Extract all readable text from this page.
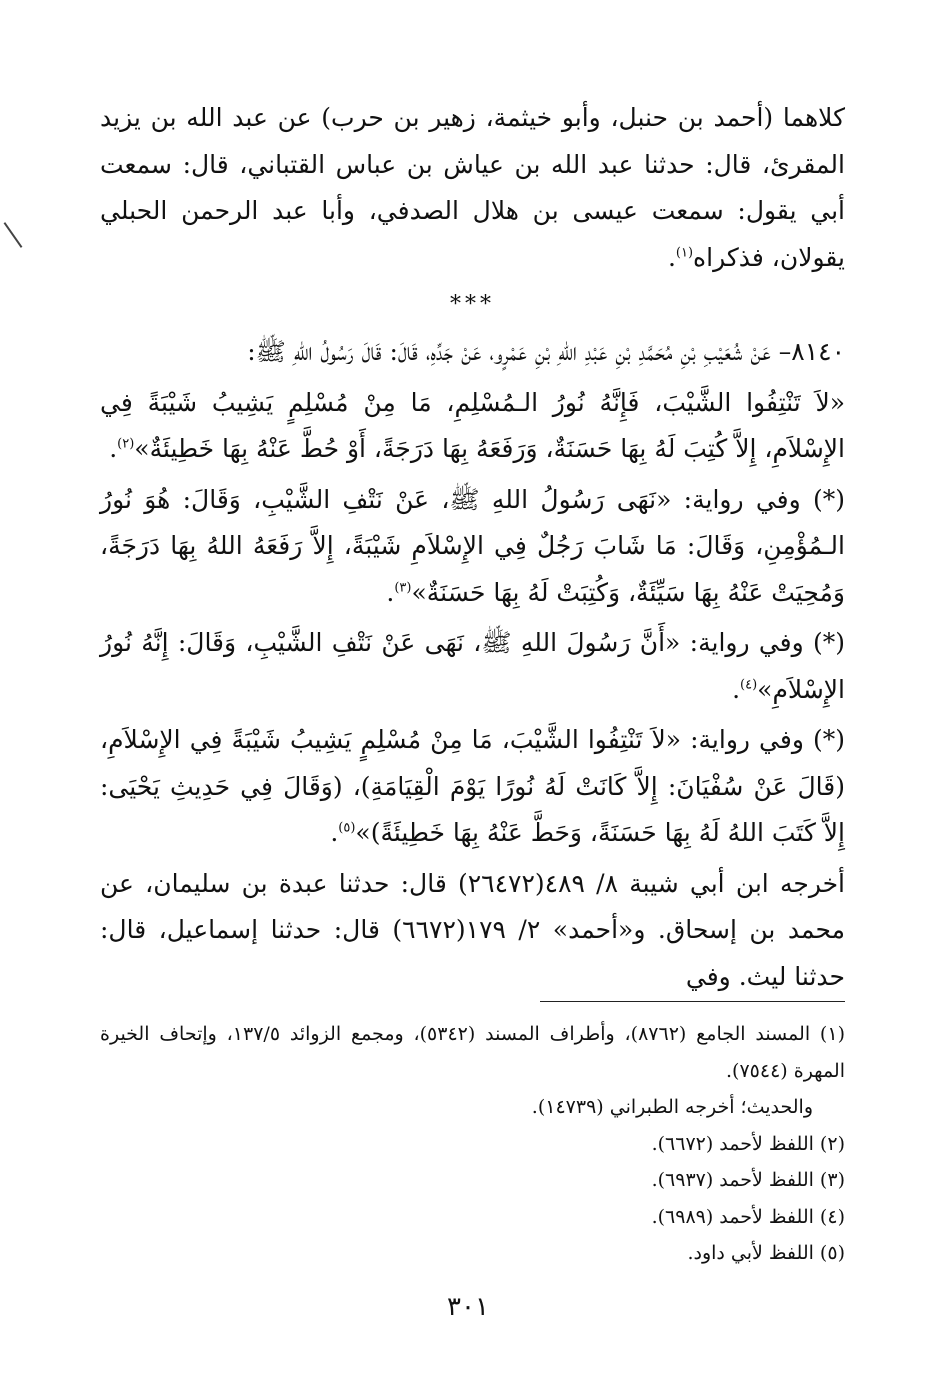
كلاهما (أحمد بن حنبل، وأبو خيثمة، زهير بن حرب) عن عبد الله بن يزيد المقرئ، قال: حدثنا عبد الله بن عياش بن عباس القتباني، قال: سمعت أبي يقول: سمعت عيسى بن هلال الصدفي، وأبا عبد الرحمن الحبلي يقولان، فذكراه$^{(١)}$.

***

٨١٤٠– عَنْ شُعَيْبِ بْنِ مُحَمَّدِ بْنِ عَبْدِ اللهِ بْنِ عَمْرٍو، عَنْ جَدِّهِ، قَالَ: قَالَ رَسُولُ اللهِ ﷺ:

«لاَ تَنْتِفُوا الشَّيْبَ، فَإِنَّهُ نُورُ الـمُسْلِمِ، مَا مِنْ مُسْلِمٍ يَشِيبُ شَيْبَةً فِي الإِسْلاَمِ، إِلاَّ كُتِبَ لَهُ بِهَا حَسَنَةٌ، وَرَفَعَهُ بِهَا دَرَجَةً، أَوْ حُطَّ عَنْهُ بِهَا خَطِيئَةٌ»$^{(٢)}$.

(*) وفي رواية: «نَهَى رَسُولُ اللهِ ﷺ، عَنْ نَتْفِ الشَّيْبِ، وَقَالَ: هُوَ نُورُ الـمُؤْمِنِ، وَقَالَ: مَا شَابَ رَجُلٌ فِي الإِسْلاَمِ شَيْبَةً، إِلاَّ رَفَعَهُ اللهُ بِهَا دَرَجَةً، وَمُحِيَتْ عَنْهُ بِهَا سَيِّئَةٌ، وَكُتِبَتْ لَهُ بِهَا حَسَنَةٌ»$^{(٣)}$.

(*) وفي رواية: «أَنَّ رَسُولَ اللهِ ﷺ، نَهَى عَنْ نَتْفِ الشَّيْبِ، وَقَالَ: إِنَّهُ نُورُ الإِسْلاَمِ»$^{(٤)}$.

(*) وفي رواية: «لاَ تَنْتِفُوا الشَّيْبَ، مَا مِنْ مُسْلِمٍ يَشِيبُ شَيْبَةً فِي الإِسْلاَمِ، (قَالَ عَنْ سُفْيَانَ: إِلاَّ كَانَتْ لَهُ نُورًا يَوْمَ الْقِيَامَةِ)، (وَقَالَ فِي حَدِيثِ يَحْيَى: إِلاَّ كَتَبَ اللهُ لَهُ بِهَا حَسَنَةً، وَحَطَّ عَنْهُ بِهَا خَطِيئَةً)»$^{(٥)}$.

أخرجه ابن أبي شيبة ٨/ ٤٨٩(٢٦٤٧٢) قال: حدثنا عبدة بن سليمان، عن محمد بن إسحاق. و«أحمد» ٢/ ١٧٩(٦٦٧٢) قال: حدثنا إسماعيل، قال: حدثنا ليث. وفي

(١) المسند الجامع (٨٧٦٢)، وأطراف المسند (٥٣٤٢)، ومجمع الزوائد ١٣٧/٥، وإتحاف الخيرة المهرة (٧٥٤٤).

والحديث؛ أخرجه الطبراني (١٤٧٣٩).

(٢) اللفظ لأحمد (٦٦٧٢).

(٣) اللفظ لأحمد (٦٩٣٧).

(٤) اللفظ لأحمد (٦٩٨٩).

(٥) اللفظ لأبي داود.

٣٠١
